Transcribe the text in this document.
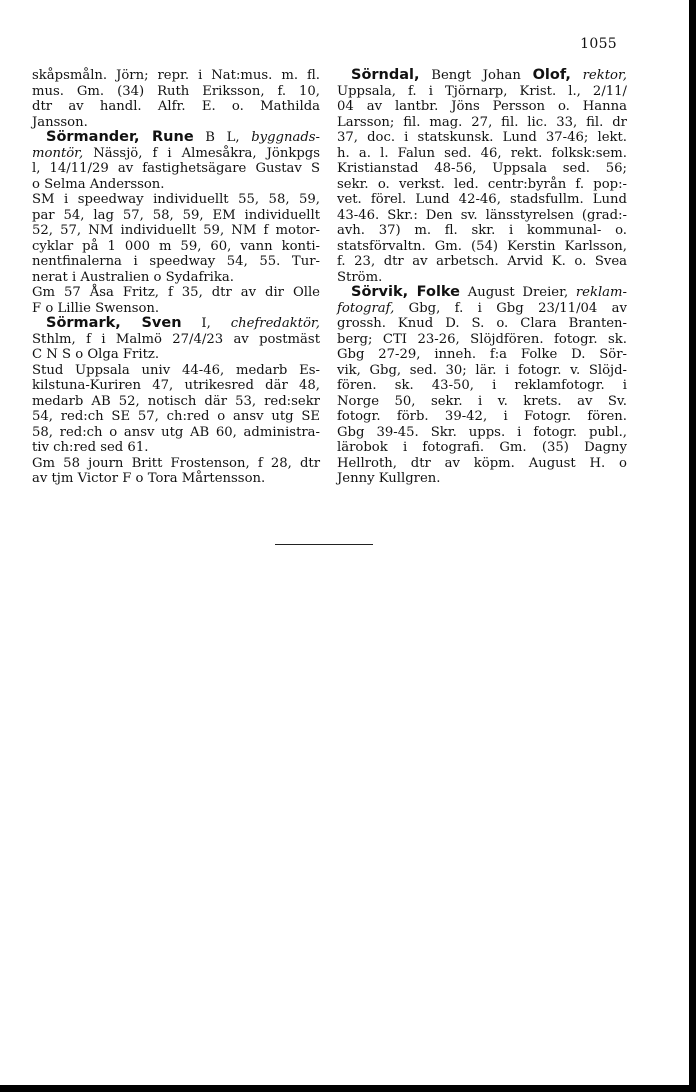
1055
skåpsmåln. Jörn; repr. i Nat:mus. m. fl.
mus. Gm. (34) Ruth Eriksson, f. 10,
dtr av handl. Alfr. E. o. Mathilda
Jansson.
Sörmander, Rune B L, byggnads-
montör, Nässjö, f i Almesåkra, Jönkpgs
l, 14/11/29 av fastighetsägare Gustav S
o Selma Andersson.
SM i speedway individuellt 55, 58, 59,
par 54, lag 57, 58, 59, EM individuellt
52, 57, NM individuellt 59, NM f motor-
cyklar på 1 000 m 59, 60, vann konti-
nentfinalerna i speedway 54, 55. Tur-
nerat i Australien o Sydafrika.
Gm 57 Åsa Fritz, f 35, dtr av dir Olle
F o Lillie Swenson.
Sörmark, Sven I, chefredaktör,
Sthlm, f i Malmö 27/4/23 av postmäst
C N S o Olga Fritz.
Stud Uppsala univ 44-46, medarb Es-
kilstuna-Kuriren 47, utrikesred där 48,
medarb AB 52, notisch där 53, red:sekr
54, red:ch SE 57, ch:red o ansv utg SE
58, red:ch o ansv utg AB 60, administra-
tiv ch:red sed 61.
Gm 58 journ Britt Frostenson, f 28, dtr
av tjm Victor F o Tora Mårtensson.
Sörndal, Bengt Johan Olof, rektor,
Uppsala, f. i Tjörnarp, Krist. l., 2/11/
04 av lantbr. Jöns Persson o. Hanna
Larsson; fil. mag. 27, fil. lic. 33, fil. dr
37, doc. i statskunsk. Lund 37-46; lekt.
h. a. l. Falun sed. 46, rekt. folksk:sem.
Kristianstad 48-56, Uppsala sed. 56;
sekr. o. verkst. led. centr:byrån f. pop:-
vet. förel. Lund 42-46, stadsfullm. Lund
43-46. Skr.: Den sv. länsstyrelsen (grad:-
avh. 37) m. fl. skr. i kommunal- o.
statsförvaltn. Gm. (54) Kerstin Karlsson,
f. 23, dtr av arbetsch. Arvid K. o. Svea
Ström.
Sörvik, Folke August Dreier, reklam-
fotograf, Gbg, f. i Gbg 23/11/04 av
grossh. Knud D. S. o. Clara Branten-
berg; CTI 23-26, Slöjdfören. fotogr. sk.
Gbg 27-29, inneh. f:a Folke D. Sör-
vik, Gbg, sed. 30; lär. i fotogr. v. Slöjd-
fören. sk. 43-50, i reklamfotogr. i
Norge 50, sekr. i v. krets. av Sv.
fotogr. förb. 39-42, i Fotogr. fören.
Gbg 39-45. Skr. upps. i fotogr. publ.,
lärobok i fotografi. Gm. (35) Dagny
Hellroth, dtr av köpm. August H. o
Jenny Kullgren.
